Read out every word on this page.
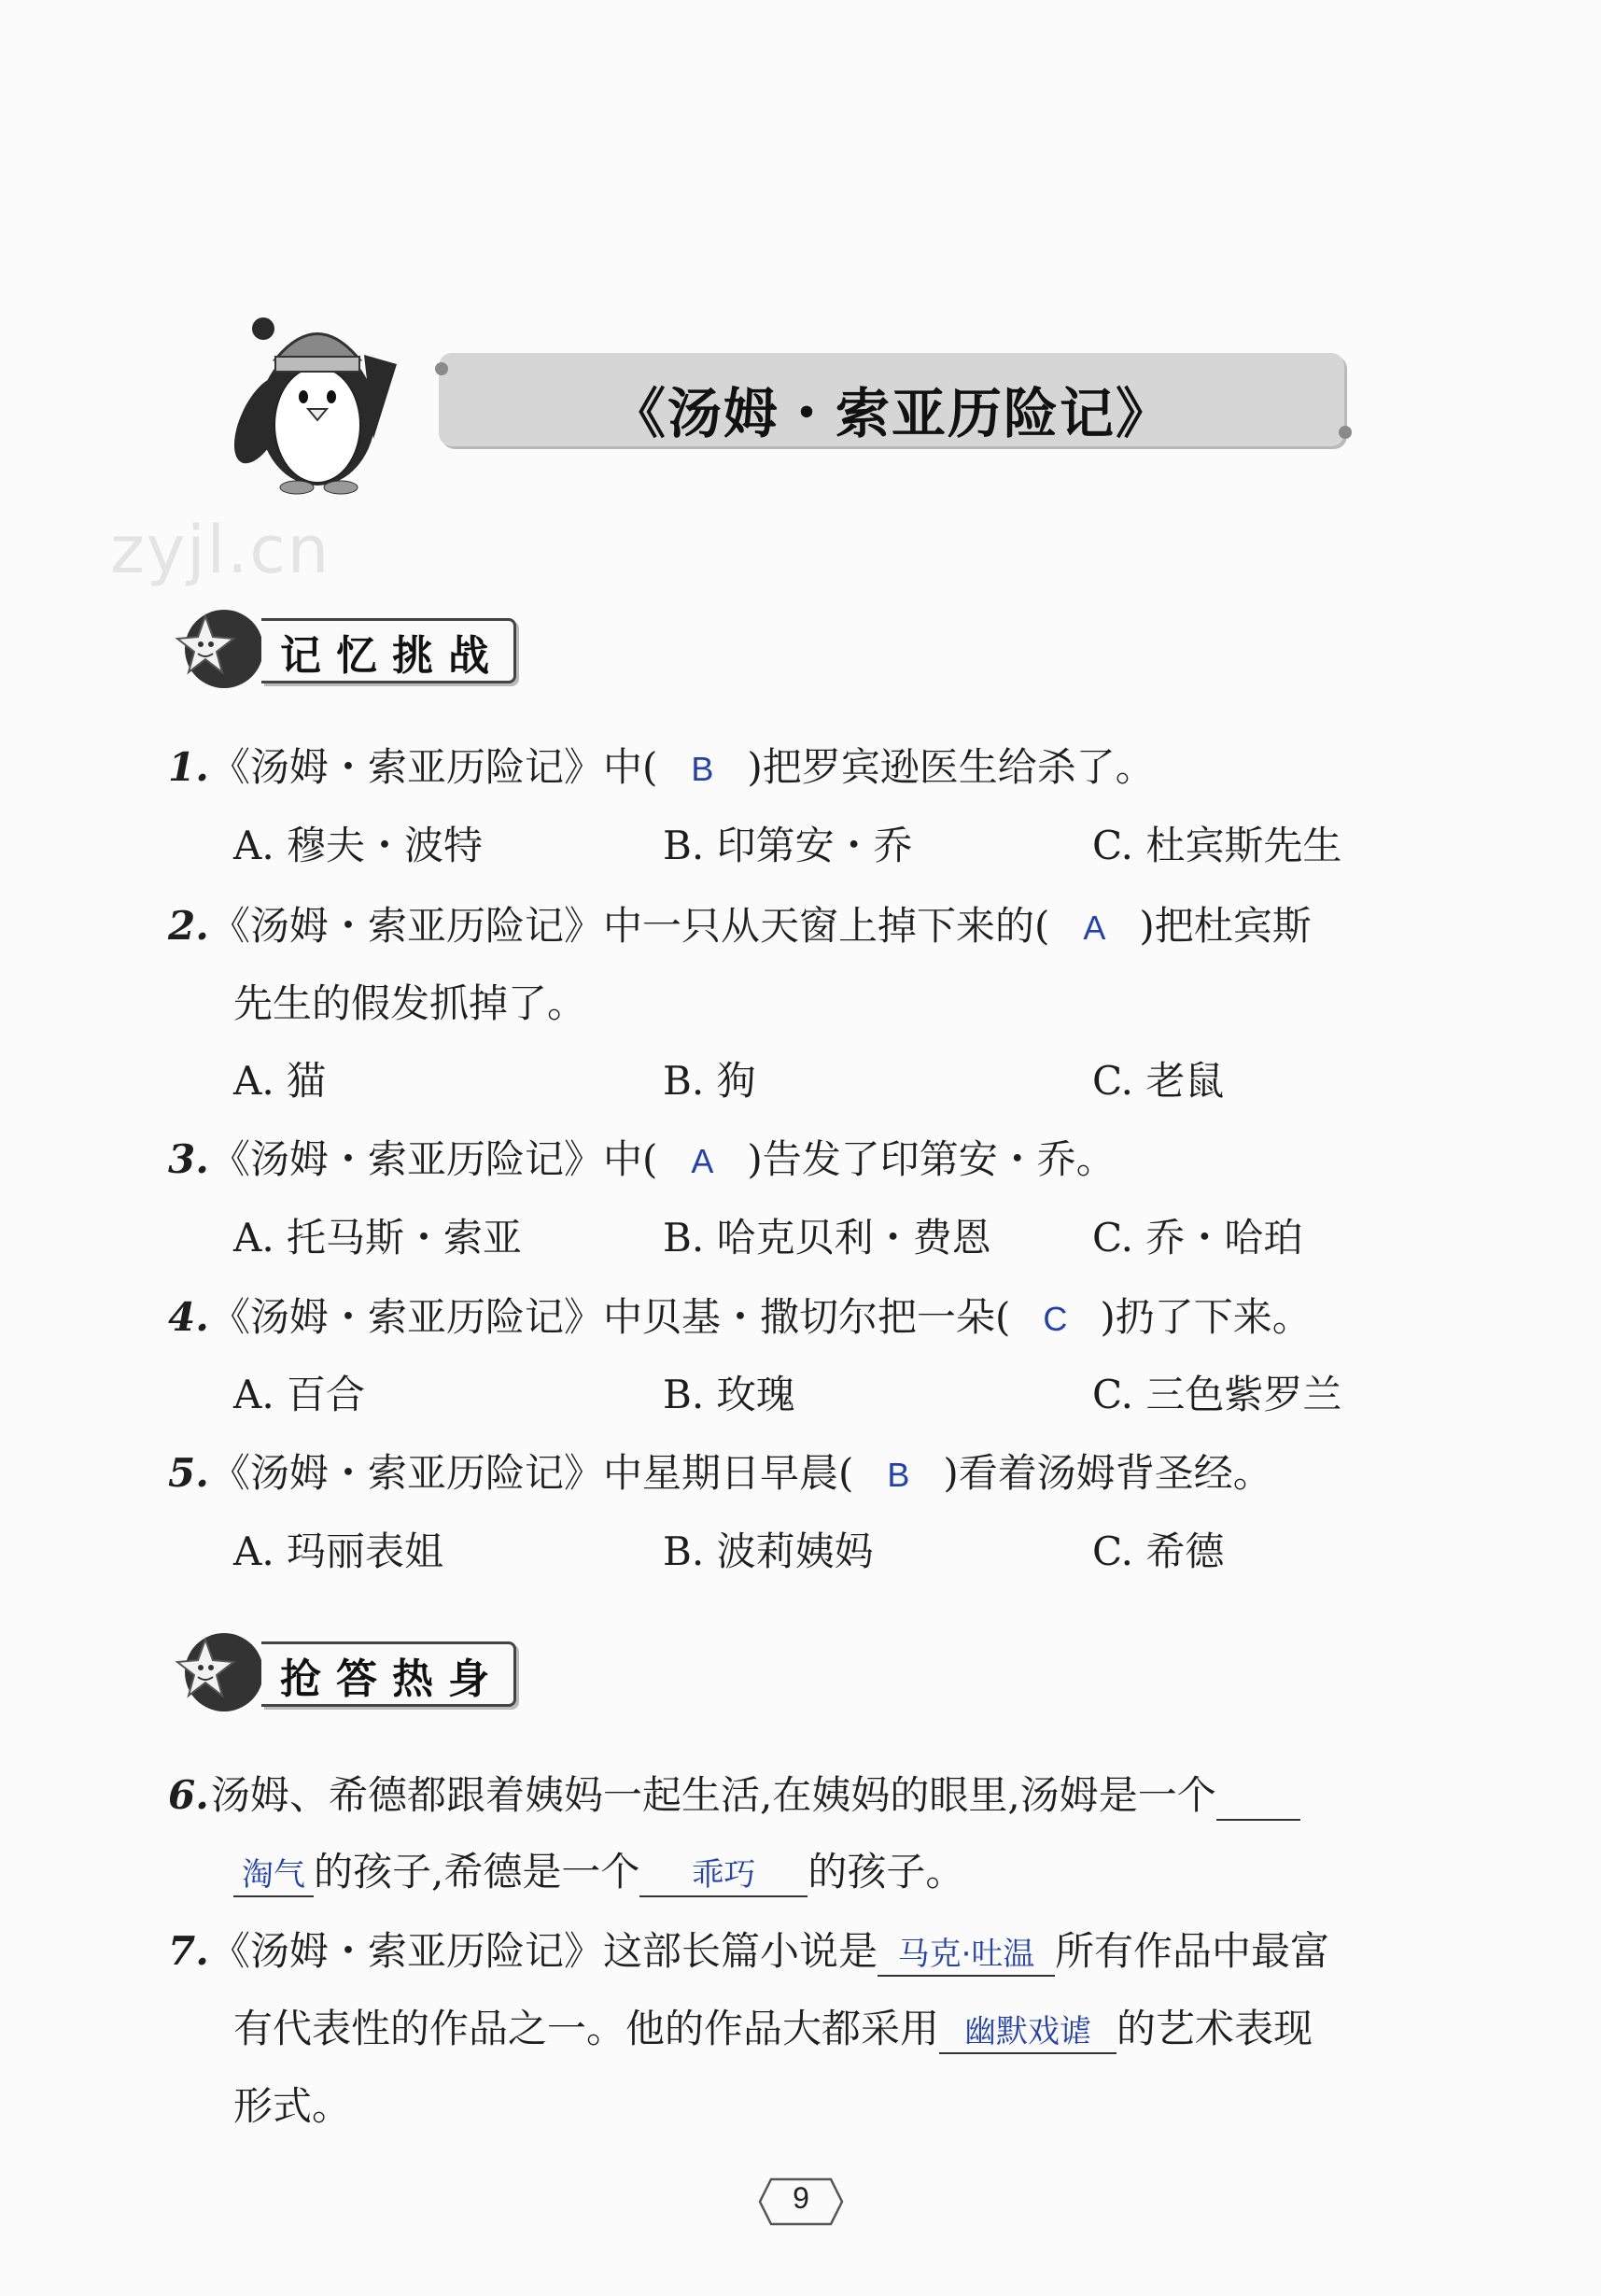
《汤姆・索亚历险记》
zyjl.cn
记忆挑战
1.《汤姆・索亚历险记》中( B )把罗宾逊医生给杀了。
A. 穆夫・波特	B. 印第安・乔	C. 杜宾斯先生
2.《汤姆・索亚历险记》中一只从天窗上掉下来的( A )把杜宾斯
先生的假发抓掉了。
A. 猫	B. 狗	C. 老鼠
3.《汤姆・索亚历险记》中( A )告发了印第安・乔。
A. 托马斯・索亚	B. 哈克贝利・费恩	C. 乔・哈珀
4.《汤姆・索亚历险记》中贝基・撒切尔把一朵( C )扔了下来。
A. 百合	B. 玫瑰	C. 三色紫罗兰
5.《汤姆・索亚历险记》中星期日早晨( B )看着汤姆背圣经。
A. 玛丽表姐	B. 波莉姨妈	C. 希德
抢答热身
6.汤姆、希德都跟着姨妈一起生活,在姨妈的眼里,汤姆是一个
淘气 的孩子,希德是一个 乖巧 的孩子。
7.《汤姆・索亚历险记》这部长篇小说是 马克·吐温 所有作品中最富
有代表性的作品之一。他的作品大都采用 幽默戏谑 的艺术表现
形式。
9
